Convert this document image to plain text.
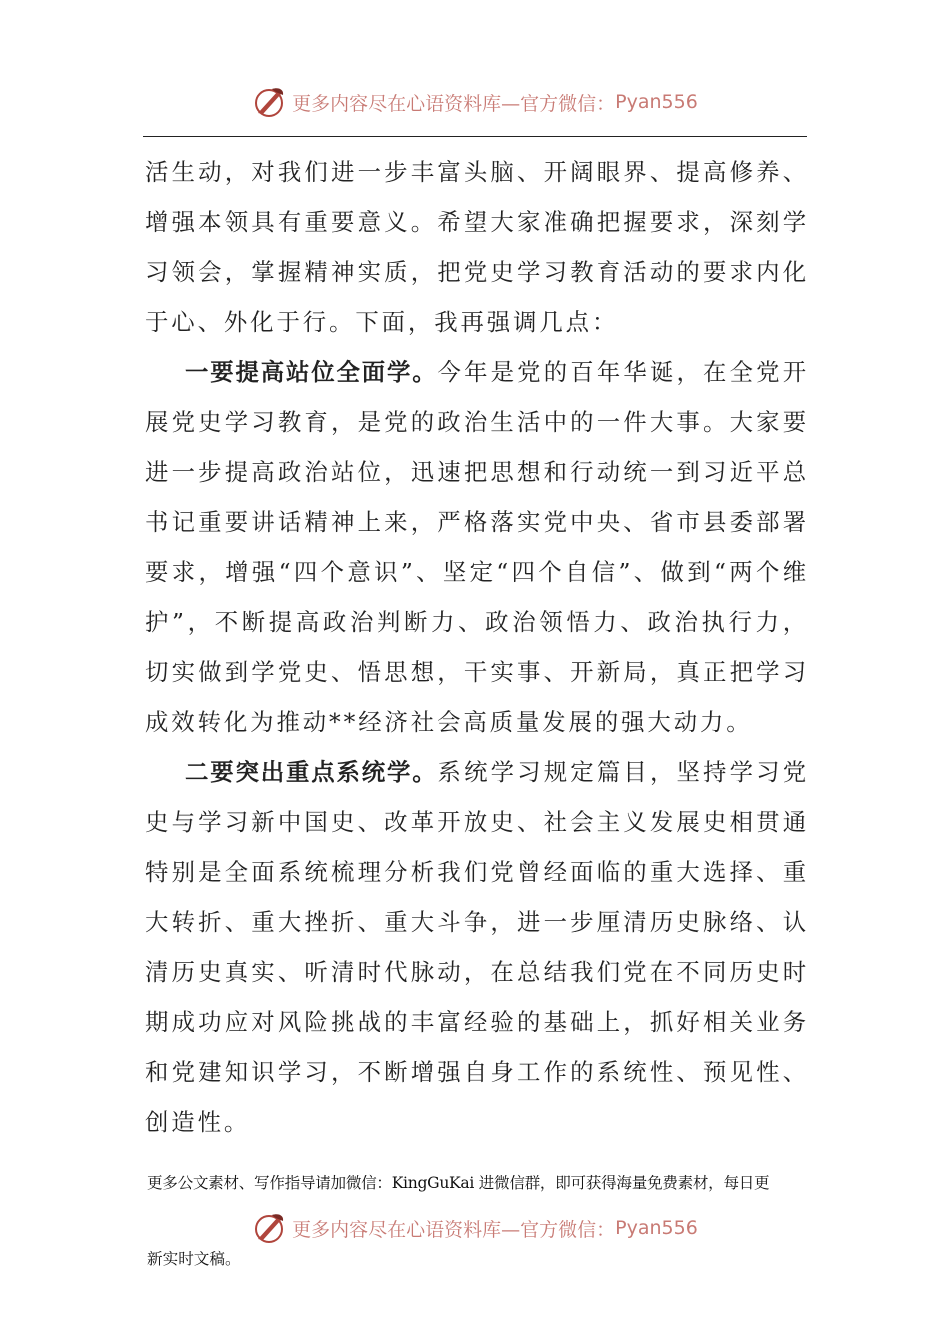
更多内容尽在心语资料库—官方微信： Pyan556

活生动，对我们进一步丰富头脑、开阔眼界、提高修养、增强本领具有重要意义。希望大家准确把握要求，深刻学习领会，掌握精神实质，把党史学习教育活动的要求内化于心、外化于行。下面，我再强调几点：

一要提高站位全面学。今年是党的百年华诞，在全党开展党史学习教育，是党的政治生活中的一件大事。大家要进一步提高政治站位，迅速把思想和行动统一到习近平总书记重要讲话精神上来，严格落实党中央、省市县委部署要求，增强“四个意识”、坚定“四个自信”、做到“两个维护”，不断提高政治判断力、政治领悟力、政治执行力，切实做到学党史、悟思想，干实事、开新局，真正把学习成效转化为推动**经济社会高质量发展的强大动力。

二要突出重点系统学。系统学习规定篇目，坚持学习党史与学习新中国史、改革开放史、社会主义发展史相贯通特别是全面系统梳理分析我们党曾经面临的重大选择、重大转折、重大挫折、重大斗争，进一步厘清历史脉络、认清历史真实、听清时代脉动，在总结我们党在不同历史时期成功应对风险挑战的丰富经验的基础上，抓好相关业务和党建知识学习，不断增强自身工作的系统性、预见性、创造性。

更多公文素材、写作指导请加微信：KingGuKai 进微信群，即可获得海量免费素材，每日更
更多内容尽在心语资料库—官方微信： Pyan556
新实时文稿。
